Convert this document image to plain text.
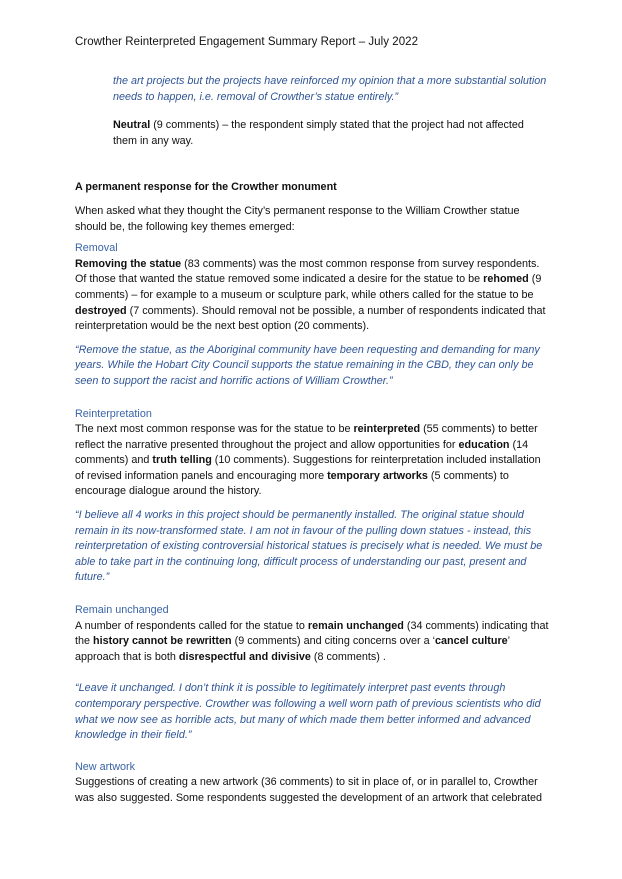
Crowther Reinterpreted Engagement Summary Report – July 2022

the art projects but the projects have reinforced my opinion that a more substantial solution needs to happen, i.e. removal of Crowther’s statue entirely.”

Neutral (9 comments) – the respondent simply stated that the project had not affected them in any way.

A permanent response for the Crowther monument

When asked what they thought the City’s permanent response to the William Crowther statue should be, the following key themes emerged:

Removal

Removing the statue (83 comments) was the most common response from survey respondents. Of those that wanted the statue removed some indicated a desire for the statue to be rehomed (9 comments) – for example to a museum or sculpture park, while others called for the statue to be destroyed (7 comments). Should removal not be possible, a number of respondents indicated that reinterpretation would be the next best option (20 comments).

“Remove the statue, as the Aboriginal community have been requesting and demanding for many years. While the Hobart City Council supports the statue remaining in the CBD, they can only be seen to support the racist and horrific actions of William Crowther.”

Reinterpretation

The next most common response was for the statue to be reinterpreted (55 comments) to better reflect the narrative presented throughout the project and allow opportunities for education (14 comments) and truth telling (10 comments). Suggestions for reinterpretation included installation of revised information panels and encouraging more temporary artworks (5 comments) to encourage dialogue around the history.

“I believe all 4 works in this project should be permanently installed. The original statue should remain in its now-transformed state. I am not in favour of the pulling down statues - instead, this reinterpretation of existing controversial historical statues is precisely what is needed. We must be able to take part in the continuing long, difficult process of understanding our past, present and future.”

Remain unchanged

A number of respondents called for the statue to remain unchanged (34 comments) indicating that the history cannot be rewritten (9 comments) and citing concerns over a ‘cancel culture’ approach that is both disrespectful and divisive (8 comments) .

“Leave it unchanged. I don’t think it is possible to legitimately interpret past events through contemporary perspective. Crowther was following a well worn path of previous scientists who did what we now see as horrible acts, but many of which made them better informed and advanced knowledge in their field.”

New artwork

Suggestions of creating a new artwork (36 comments) to sit in place of, or in parallel to, Crowther was also suggested. Some respondents suggested the development of an artwork that celebrated
